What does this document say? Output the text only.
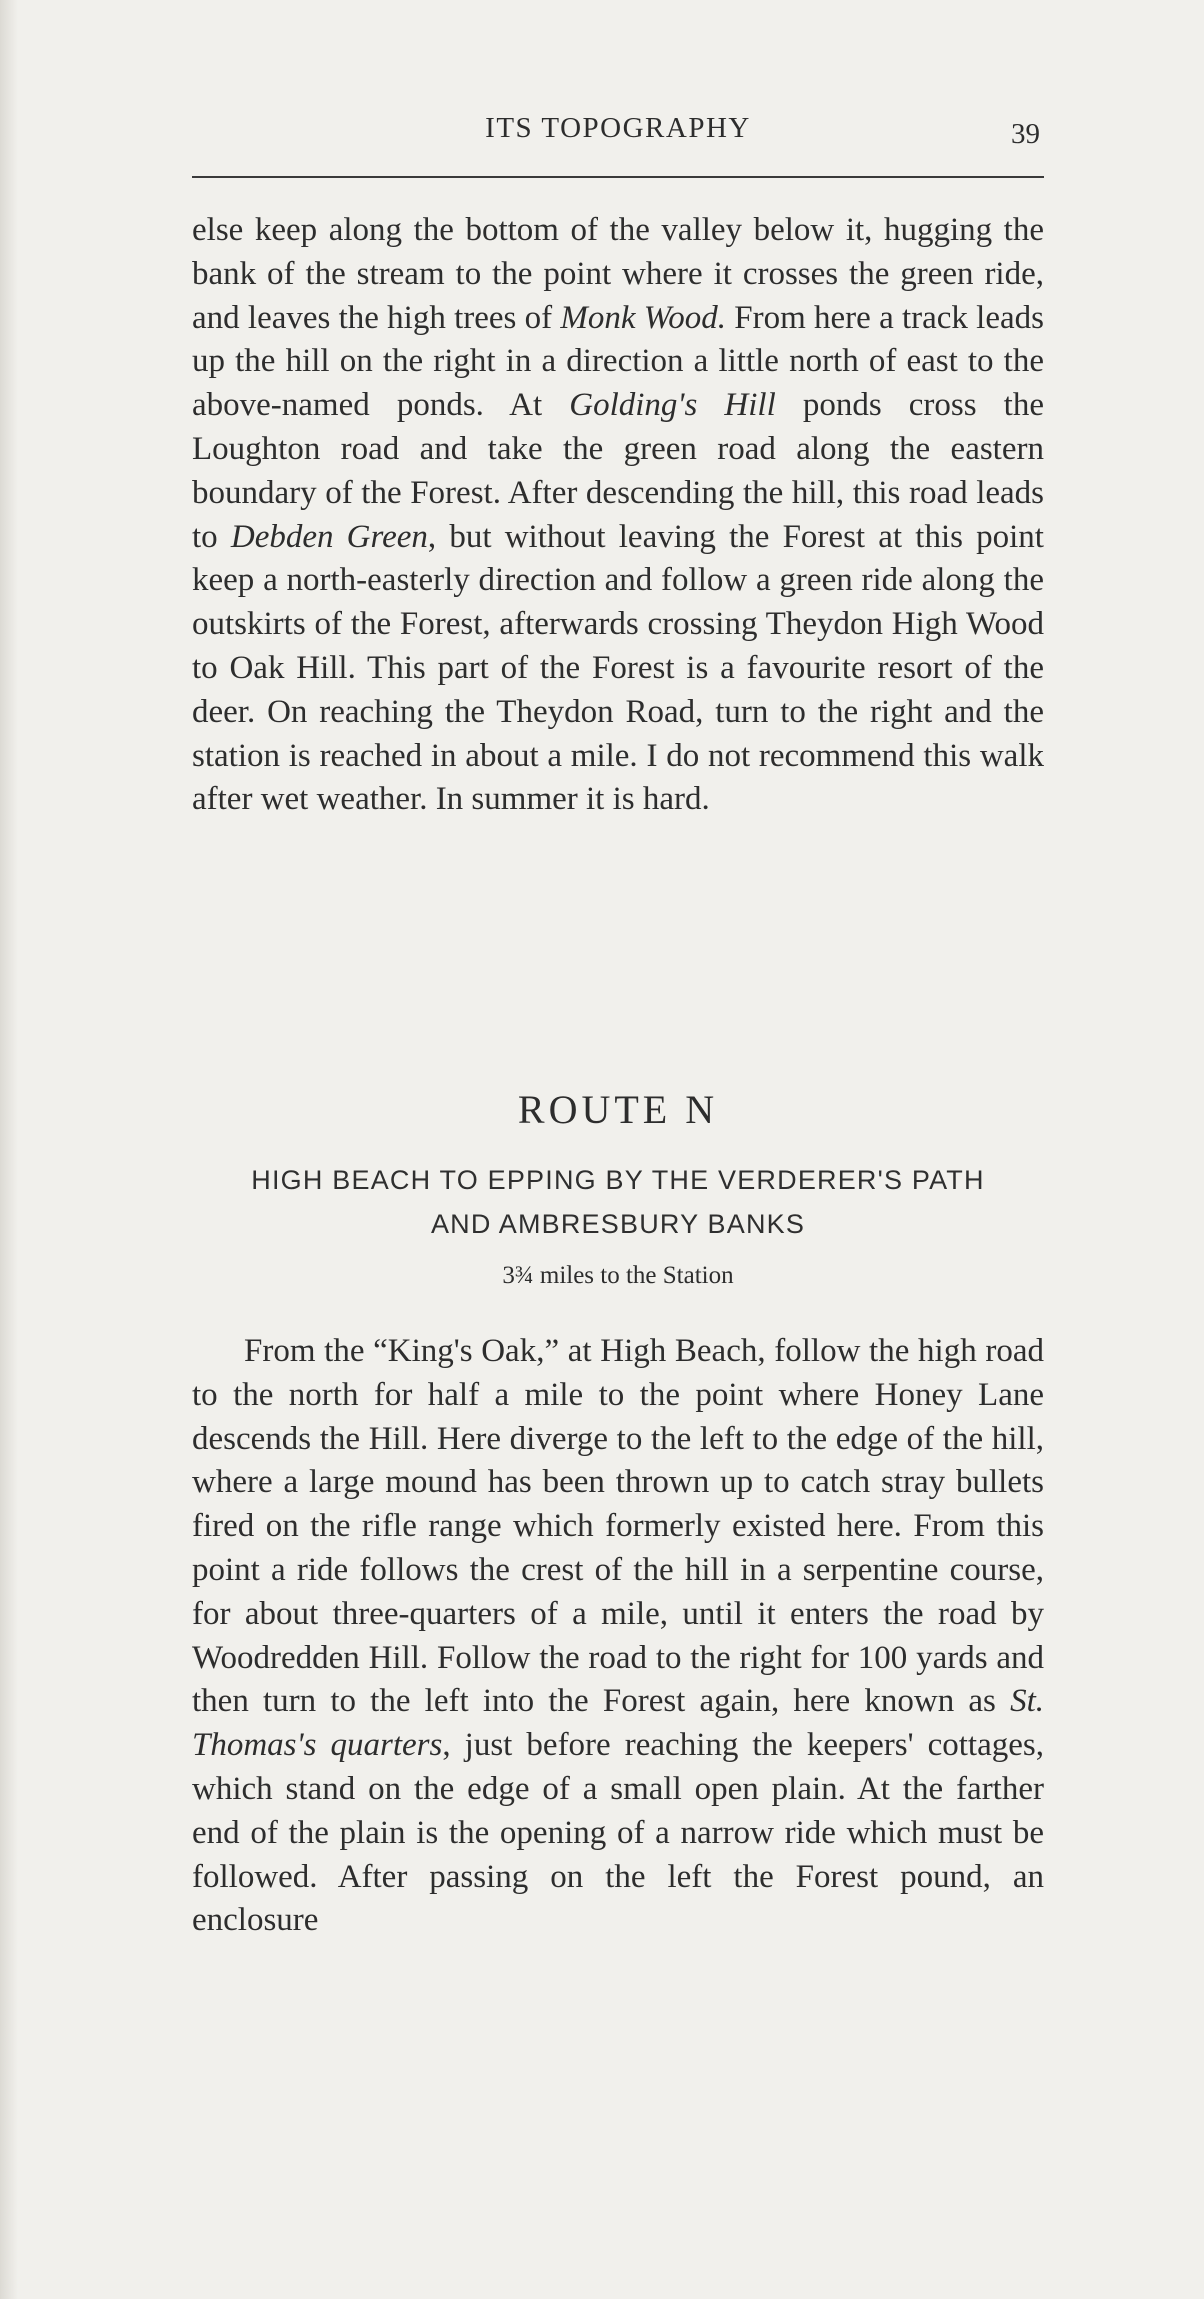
ITS TOPOGRAPHY	39

else keep along the bottom of the valley below it, hugging the bank of the stream to the point where it crosses the green ride, and leaves the high trees of Monk Wood. From here a track leads up the hill on the right in a direction a little north of east to the above-named ponds. At Golding's Hill ponds cross the Loughton road and take the green road along the eastern boundary of the Forest. After descending the hill, this road leads to Debden Green, but without leaving the Forest at this point keep a north-easterly direction and follow a green ride along the outskirts of the Forest, afterwards crossing Theydon High Wood to Oak Hill. This part of the Forest is a favourite resort of the deer. On reaching the Theydon Road, turn to the right and the station is reached in about a mile. I do not recommend this walk after wet weather. In summer it is hard.

ROUTE N
HIGH BEACH TO EPPING BY THE VERDERER'S PATH
AND AMBRESBURY BANKS
3¾ miles to the Station

From the “King's Oak,” at High Beach, follow the high road to the north for half a mile to the point where Honey Lane descends the Hill. Here diverge to the left to the edge of the hill, where a large mound has been thrown up to catch stray bullets fired on the rifle range which formerly existed here. From this point a ride follows the crest of the hill in a serpentine course, for about three-quarters of a mile, until it enters the road by Woodredden Hill. Follow the road to the right for 100 yards and then turn to the left into the Forest again, here known as St. Thomas's quarters, just before reaching the keepers' cottages, which stand on the edge of a small open plain. At the farther end of the plain is the opening of a narrow ride which must be followed. After passing on the left the Forest pound, an enclosure
